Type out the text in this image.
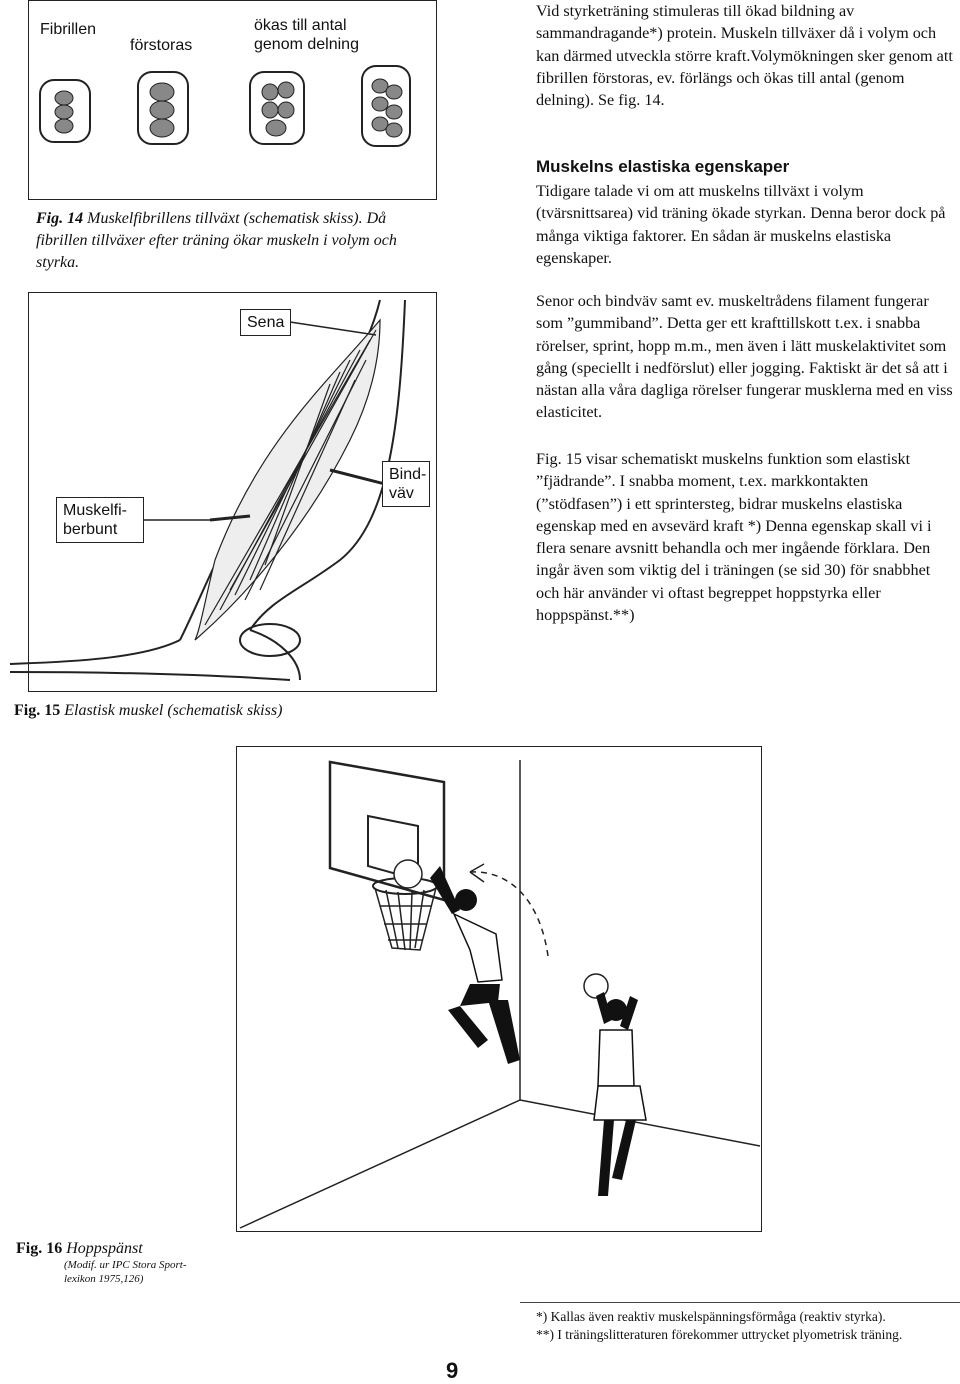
Fibrillen
förstoras
ökas till antal genom delning
Fig. 14 Muskelfibrillens tillväxt (schematisk skiss). Då fibrillen tillväxer efter träning ökar muskeln i volym och styrka.
Sena
Muskelfi-berbunt
Bind-väv
Fig. 15 Elastisk muskel (schematisk skiss)
Fig. 16 Hoppspänst
(Modif. ur IPC Stora Sport-lexikon 1975,126)
Vid styrketräning stimuleras till ökad bildning av sammandragande*) protein. Muskeln tillväxer då i volym och kan därmed utveckla större kraft.Volymökningen sker genom att fibrillen förstoras, ev. förlängs och ökas till antal (genom delning). Se fig. 14.
Muskelns elastiska egenskaper
Tidigare talade vi om att muskelns tillväxt i volym (tvärsnittsarea) vid träning ökade styrkan. Denna beror dock på många viktiga faktorer. En sådan är muskelns elastiska egenskaper.
Senor och bindväv samt ev. muskeltrådens filament fungerar som ”gummiband”. Detta ger ett krafttillskott t.ex. i snabba rörelser, sprint, hopp m.m., men även i lätt muskelaktivitet som gång (speciellt i nedförslut) eller jogging. Faktiskt är det så att i nästan alla våra dagliga rörelser fungerar musklerna med en viss elasticitet.
Fig. 15 visar schematiskt muskelns funktion som elastiskt ”fjädrande”. I snabba moment, t.ex. markkontakten (”stödfasen”) i ett sprintersteg, bidrar muskelns elastiska egenskap med en avsevärd kraft *) Denna egenskap skall vi i flera senare avsnitt behandla och mer ingående förklara. Den ingår även som viktig del i träningen (se sid 30) för snabbhet och här använder vi oftast begreppet hoppstyrka eller hoppspänst.**)
*) Kallas även reaktiv muskelspänningsförmåga (reaktiv styrka).
**) I träningslitteraturen förekommer uttrycket plyometrisk träning.
9
